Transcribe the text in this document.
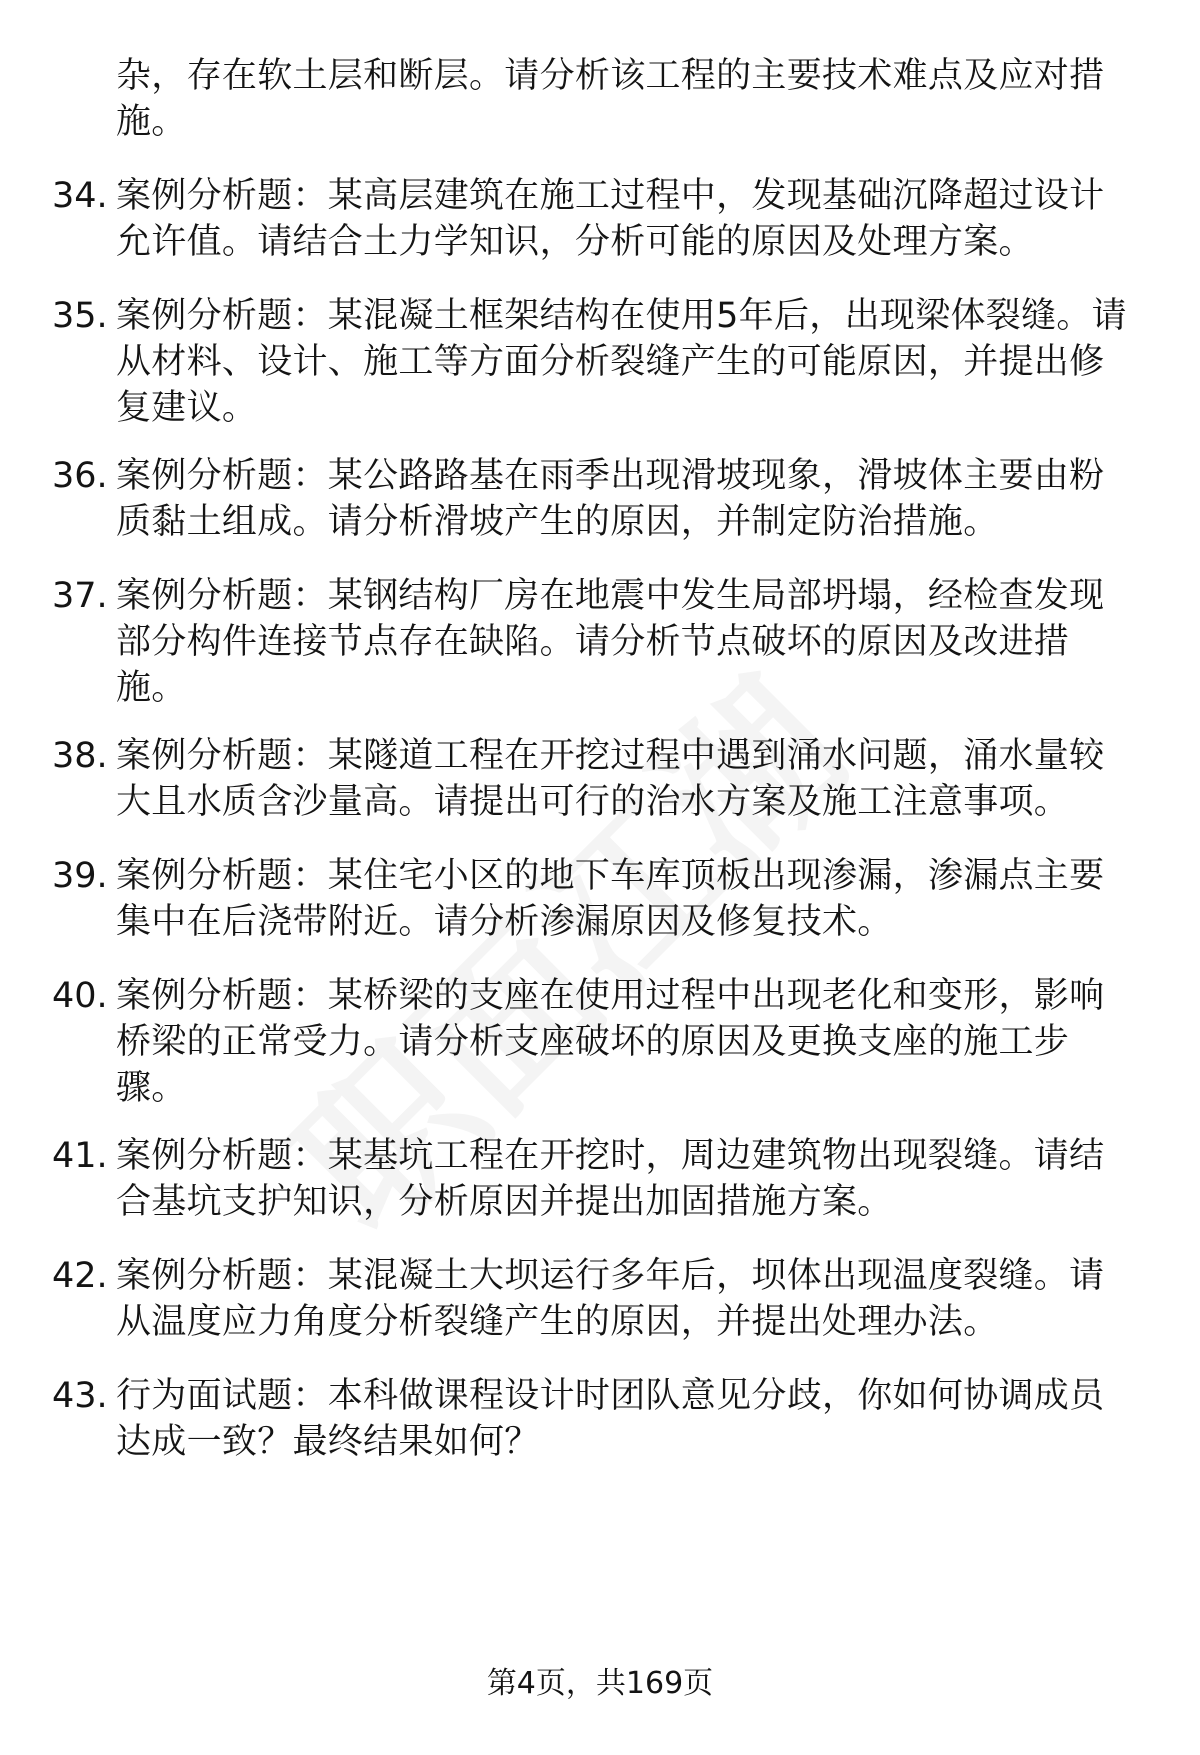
杂，存在软土层和断层。请分析该工程的主要技术难点及应对措
施。
34. 案例分析题：某高层建筑在施工过程中，发现基础沉降超过设计
允许值。请结合土力学知识，分析可能的原因及处理方案。
35. 案例分析题：某混凝土框架结构在使用5年后，出现梁体裂缝。请
从材料、设计、施工等方面分析裂缝产生的可能原因，并提出修
复建议。
36. 案例分析题：某公路路基在雨季出现滑坡现象，滑坡体主要由粉
质黏土组成。请分析滑坡产生的原因，并制定防治措施。
37. 案例分析题：某钢结构厂房在地震中发生局部坍塌，经检查发现
部分构件连接节点存在缺陷。请分析节点破坏的原因及改进措
施。
38. 案例分析题：某隧道工程在开挖过程中遇到涌水问题，涌水量较
大且水质含沙量高。请提出可行的治水方案及施工注意事项。
39. 案例分析题：某住宅小区的地下车库顶板出现渗漏，渗漏点主要
集中在后浇带附近。请分析渗漏原因及修复技术。
40. 案例分析题：某桥梁的支座在使用过程中出现老化和变形，影响
桥梁的正常受力。请分析支座破坏的原因及更换支座的施工步
骤。
41. 案例分析题：某基坑工程在开挖时，周边建筑物出现裂缝。请结
合基坑支护知识，分析原因并提出加固措施方案。
42. 案例分析题：某混凝土大坝运行多年后，坝体出现温度裂缝。请
从温度应力角度分析裂缝产生的原因，并提出处理办法。
43. 行为面试题：本科做课程设计时团队意见分歧，你如何协调成员
达成一致？最终结果如何？
第4页，共169页
